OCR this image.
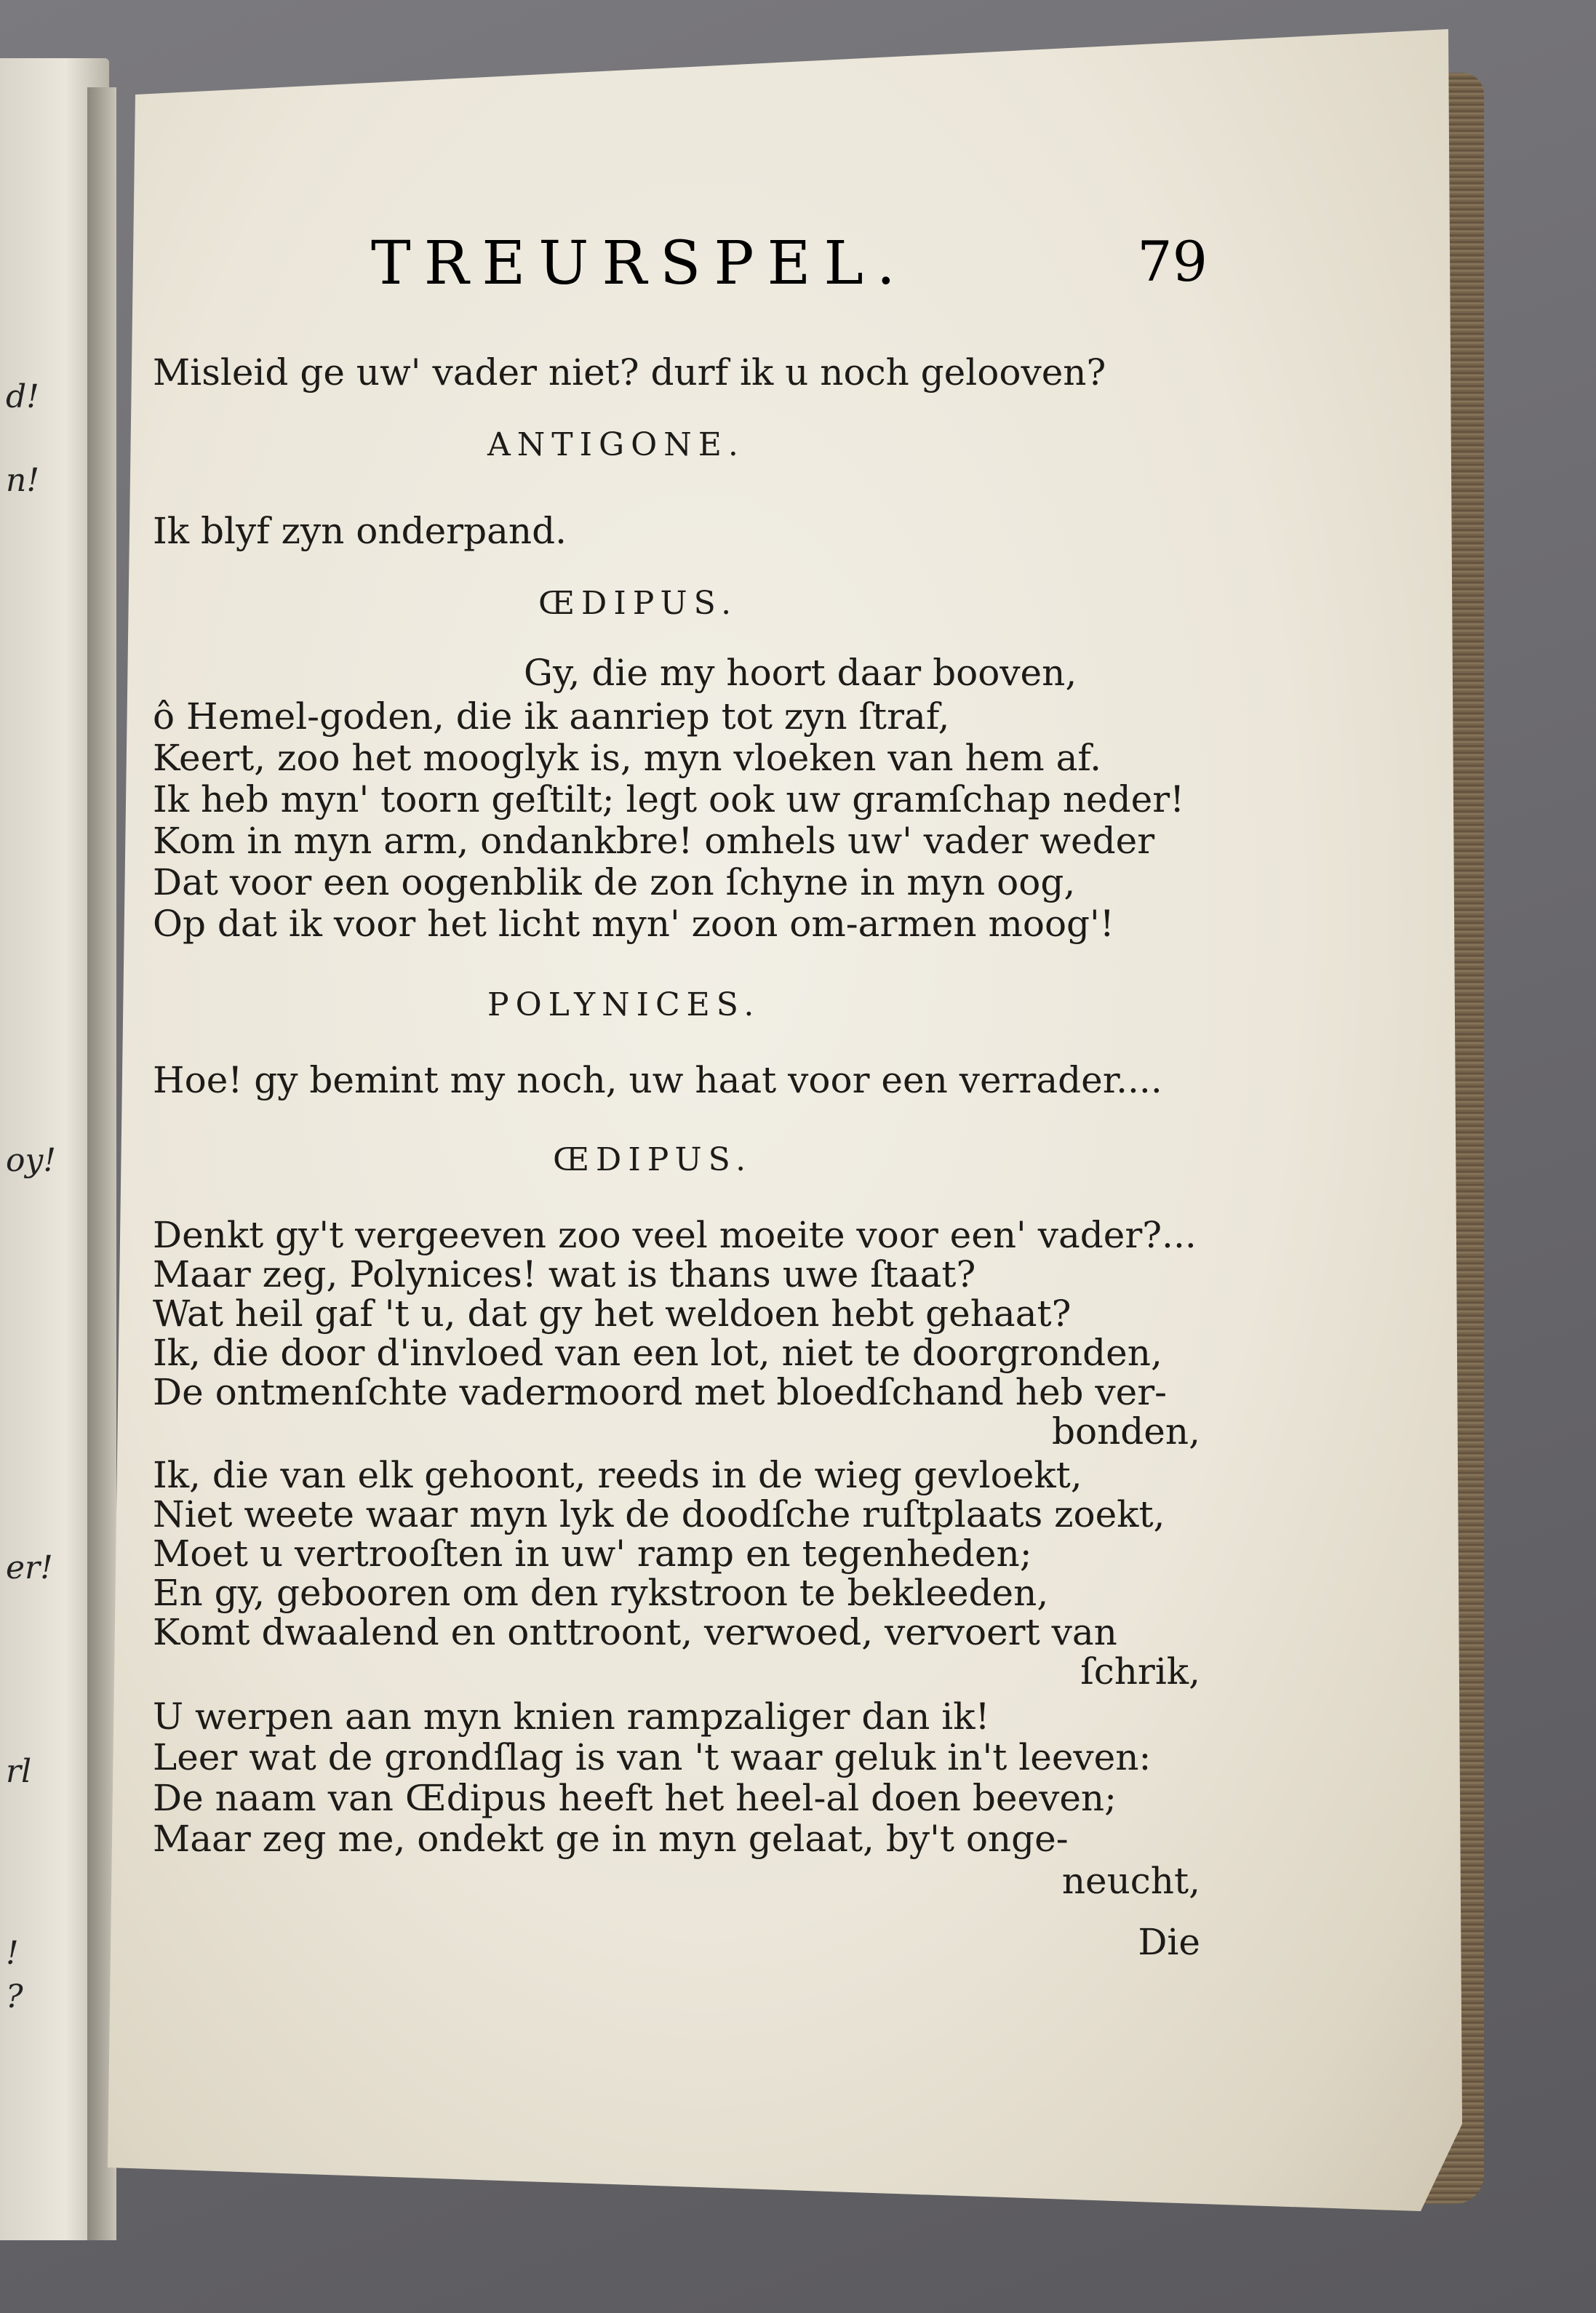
d!
n!
oy!
er!
rl
!
?
TREURSPEL.	79
Misleid ge uw' vader niet? durf ik u noch gelooven?
ANTIGONE.
Ik blyf zyn onderpand.
ŒDIPUS.
Gy, die my hoort daar booven,
ô Hemel-goden, die ik aanriep tot zyn ſtraf,
Keert, zoo het mooglyk is, myn vloeken van hem af.
Ik heb myn' toorn geſtilt; legt ook uw gramſchap neder!
Kom in myn arm, ondankbre! omhels uw' vader weder
Dat voor een oogenblik de zon ſchyne in myn oog,
Op dat ik voor het licht myn' zoon om-armen moog'!
POLYNICES.
Hoe! gy bemint my noch, uw haat voor een verrader....
ŒDIPUS.
Denkt gy't vergeeven zoo veel moeite voor een' vader?...
Maar zeg, Polynices! wat is thans uwe ſtaat?
Wat heil gaf 't u, dat gy het weldoen hebt gehaat?
Ik, die door d'invloed van een lot, niet te doorgronden,
De ontmenſchte vadermoord met bloedſchand heb ver-
bonden,
Ik, die van elk gehoont, reeds in de wieg gevloekt,
Niet weete waar myn lyk de doodſche ruſtplaats zoekt,
Moet u vertrooſten in uw' ramp en tegenheden;
En gy, gebooren om den rykstroon te bekleeden,
Komt dwaalend en onttroont, verwoed, vervoert van
ſchrik,
U werpen aan myn knien rampzaliger dan ik!
Leer wat de grondſlag is van 't waar geluk in't leeven:
De naam van Œdipus heeft het heel-al doen beeven;
Maar zeg me, ondekt ge in myn gelaat, by't onge-
neucht,
Die
